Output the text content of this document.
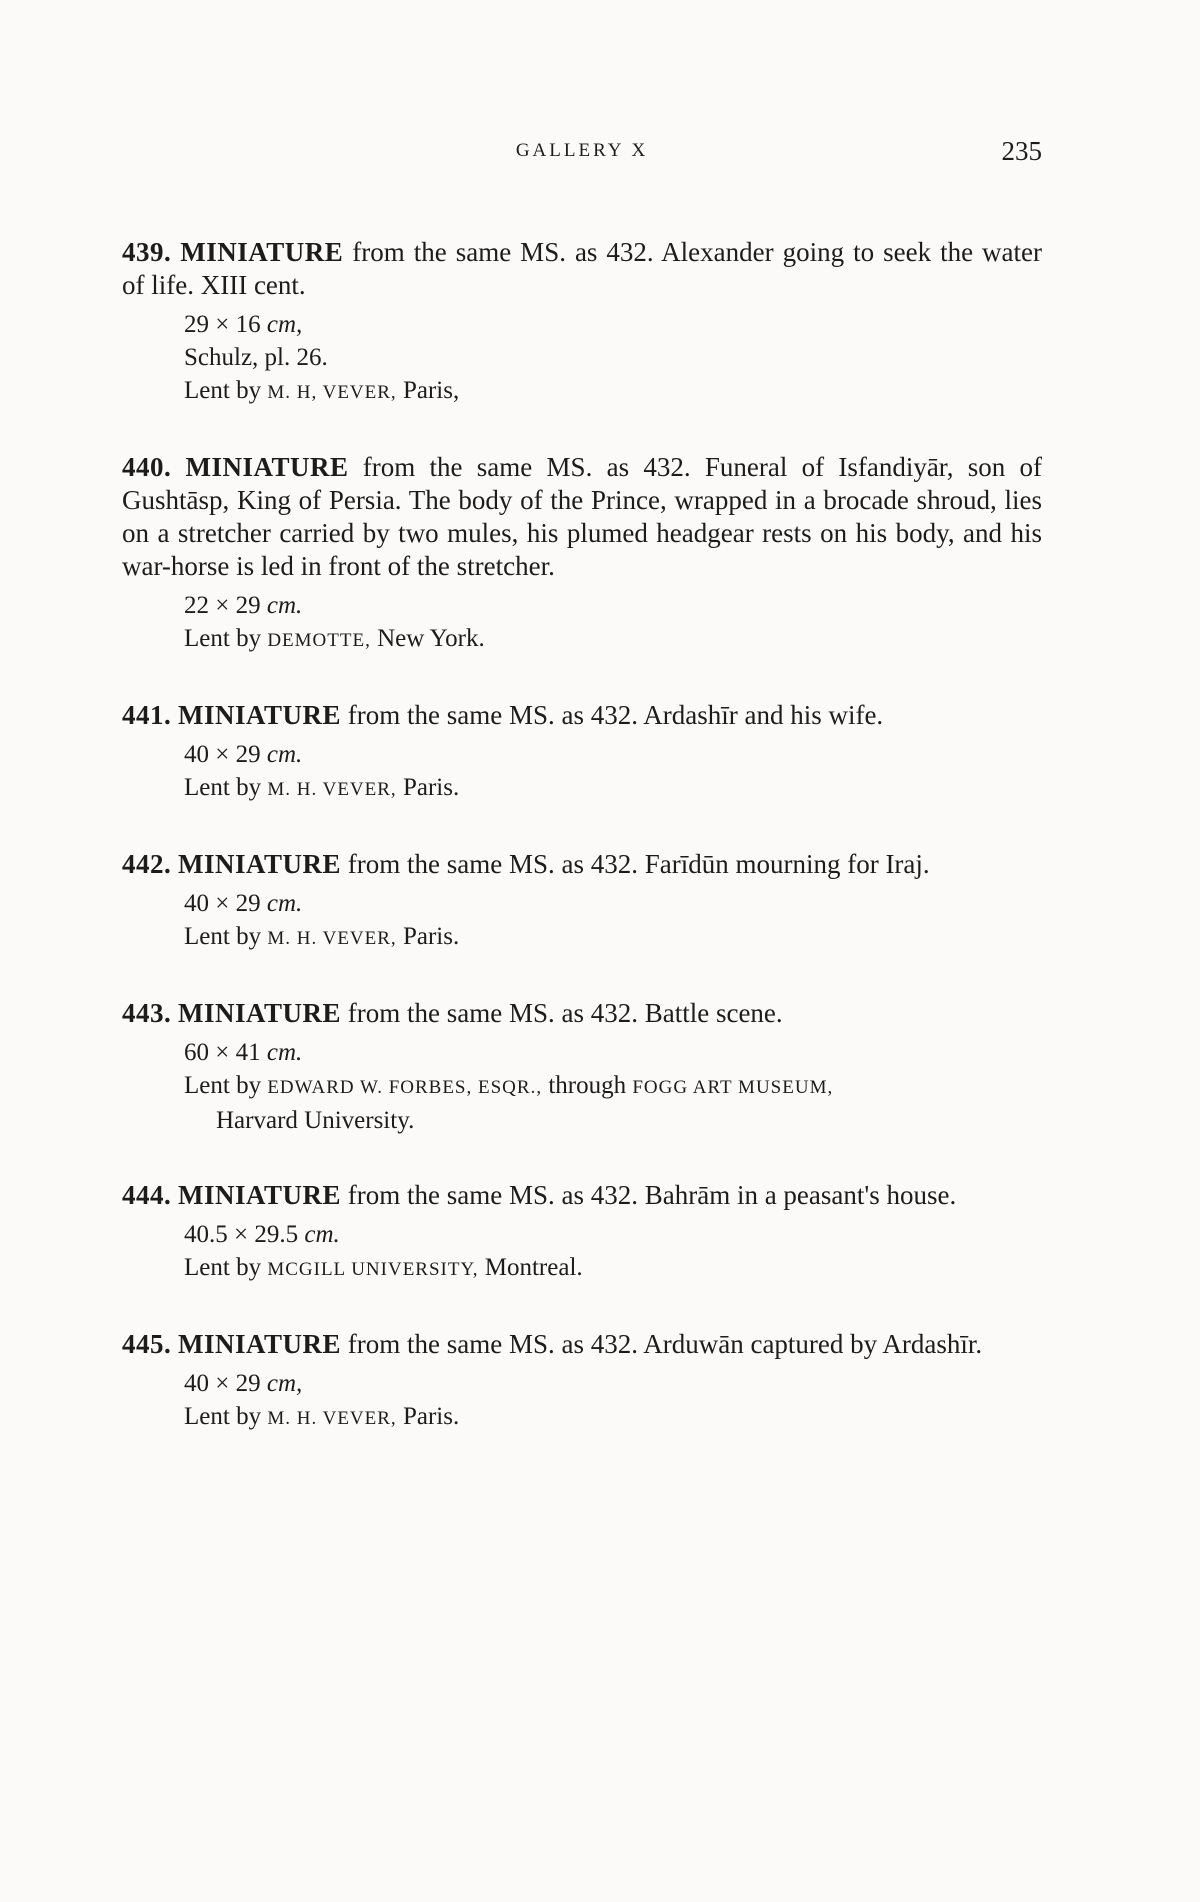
GALLERY X	235
439. MINIATURE from the same MS. as 432. Alexander going to seek the water of life. XIII cent.
29 × 16 cm,
Schulz, pl. 26.
Lent by M. H, VEVER, Paris,
440. MINIATURE from the same MS. as 432. Funeral of Isfandiyār, son of Gushtāsp, King of Persia. The body of the Prince, wrapped in a brocade shroud, lies on a stretcher carried by two mules, his plumed headgear rests on his body, and his war-horse is led in front of the stretcher.
22 × 29 cm.
Lent by DEMOTTE, New York.
441. MINIATURE from the same MS. as 432. Ardashīr and his wife.
40 × 29 cm.
Lent by M. H. VEVER, Paris.
442. MINIATURE from the same MS. as 432. Farīdūn mourning for Iraj.
40 × 29 cm.
Lent by M. H. VEVER, Paris.
443. MINIATURE from the same MS. as 432. Battle scene.
60 × 41 cm.
Lent by EDWARD W. FORBES, ESQR., through FOGG ART MUSEUM,
Harvard University.
444. MINIATURE from the same MS. as 432. Bahrām in a peasant's house.
40.5 × 29.5 cm.
Lent by MCGILL UNIVERSITY, Montreal.
445. MINIATURE from the same MS. as 432. Arduwān captured by Ardashīr.
40 × 29 cm,
Lent by M. H. VEVER, Paris.
